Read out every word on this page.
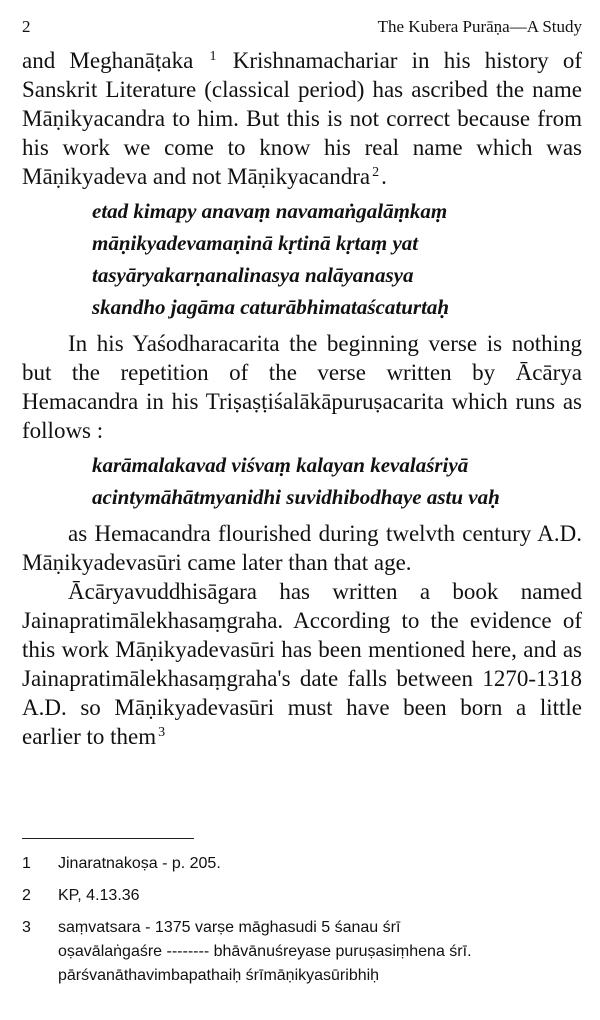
2	The Kubera Purāṇa—A Study

and Meghanāṭaka $^1$ Krishnamachariar in his history of Sanskrit Literature (classical period) has ascribed the name Māṇikyacandra to him. But this is not correct because from his work we come to know his real name which was Māṇikyadeva and not Māṇikyacandra $^2$.

etad kimapy anavaṃ navamaṅgalāṃkaṃ
māṇikyadevamaṇinā kṛtinā kṛtaṃ yat
tasyāryakarṇanalinasya nalāyanasya
skandho jagāma caturābhimataścaturtaḥ

In his Yaśodharacarita the beginning verse is nothing but the repetition of the verse written by Ācārya Hemacandra in his Triṣaṣṭiśalākāpuruṣacarita which runs as follows :

karāmalakavad viśvaṃ kalayan kevalaśriyā
acintymāhātmyanidhi suvidhibodhaye astu vaḥ

as Hemacandra flourished during twelvth century A.D. Māṇikyadevasūri came later than that age.

Ācāryavuddhisāgara has written a book named Jainapratimālekhasaṃgraha. According to the evidence of this work Māṇikyadevasūri has been mentioned here, and as Jainapratimālekhasaṃgraha's date falls between 1270-1318 A.D. so Māṇikyadevasūri must have been born a little earlier to them $^3$

1 Jinaratnakoṣa - p. 205.
2 KP, 4.13.36
3 saṃvatsara - 1375 varṣe māghasudi 5 śanau śrī
oṣavālaṅgaśre -------- bhāvānuśreyase puruṣasiṃhena śrī.
pārśvanāthavimbapathaiḥ śrīmāṇikyasūribhiḥ
